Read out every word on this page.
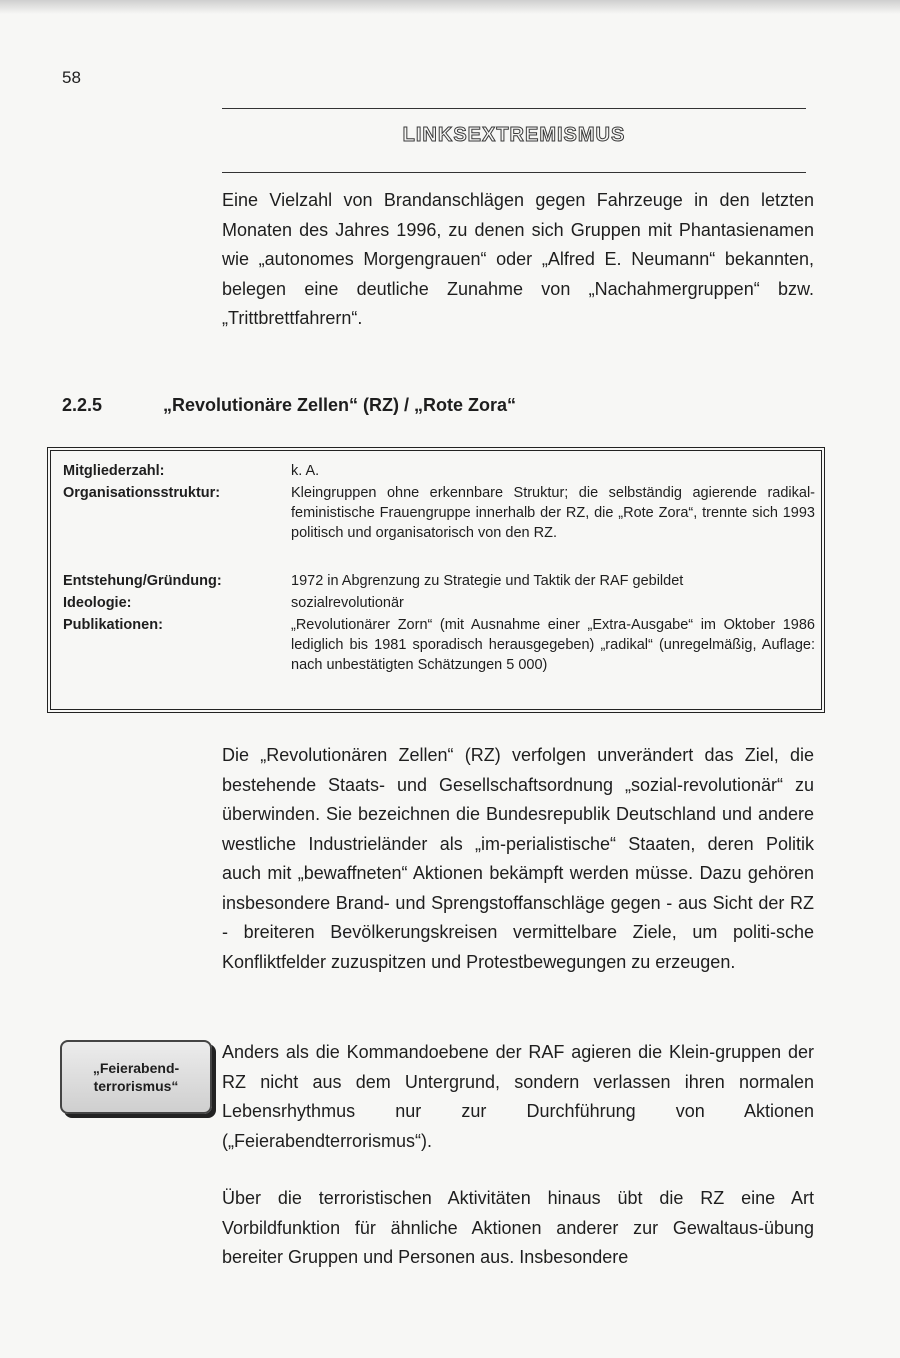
58
LINKSEXTREMISMUS

Eine Vielzahl von Brandanschlägen gegen Fahrzeuge in den letzten Monaten des Jahres 1996, zu denen sich Gruppen mit Phantasienamen wie „autonomes Morgengrauen“ oder „Alfred E. Neumann“ bekannten, belegen eine deutliche Zunahme von „Nachahmergruppen“ bzw. „Trittbrettfahrern“.

2.2.5	„Revolutionäre Zellen“ (RZ) / „Rote Zora“
Mitgliederzahl:	k. A.
Organisationsstruktur:	Kleingruppen ohne erkennbare Struktur; die selbständig agierende radikal-feministische Frauengruppe innerhalb der RZ, die „Rote Zora“, trennte sich 1993 politisch und organisatorisch von den RZ.
Entstehung/Gründung:	1972 in Abgrenzung zu Strategie und Taktik der RAF gebildet
Ideologie:	sozialrevolutionär
Publikationen:	„Revolutionärer Zorn“ (mit Ausnahme einer „Extra-Ausgabe“ im Oktober 1986 lediglich bis 1981 sporadisch herausgegeben) „radikal“ (unregelmäßig, Auflage: nach unbestätigten Schätzungen 5 000)

Die „Revolutionären Zellen“ (RZ) verfolgen unverändert das Ziel, die bestehende Staats- und Gesellschaftsordnung „sozial-revolutionär“ zu überwinden. Sie bezeichnen die Bundesrepublik Deutschland und andere westliche Industrieländer als „im-perialistische“ Staaten, deren Politik auch mit „bewaffneten“ Aktionen bekämpft werden müsse. Dazu gehören insbesondere Brand- und Sprengstoffanschläge gegen - aus Sicht der RZ - breiteren Bevölkerungskreisen vermittelbare Ziele, um politi-sche Konfliktfelder zuzuspitzen und Protestbewegungen zu erzeugen.

„Feierabend-terrorismus“

Anders als die Kommandoebene der RAF agieren die Klein-gruppen der RZ nicht aus dem Untergrund, sondern verlassen ihren normalen Lebensrhythmus nur zur Durchführung von Aktionen („Feierabendterrorismus“).

Über die terroristischen Aktivitäten hinaus übt die RZ eine Art Vorbildfunktion für ähnliche Aktionen anderer zur Gewaltaus-übung bereiter Gruppen und Personen aus. Insbesondere
